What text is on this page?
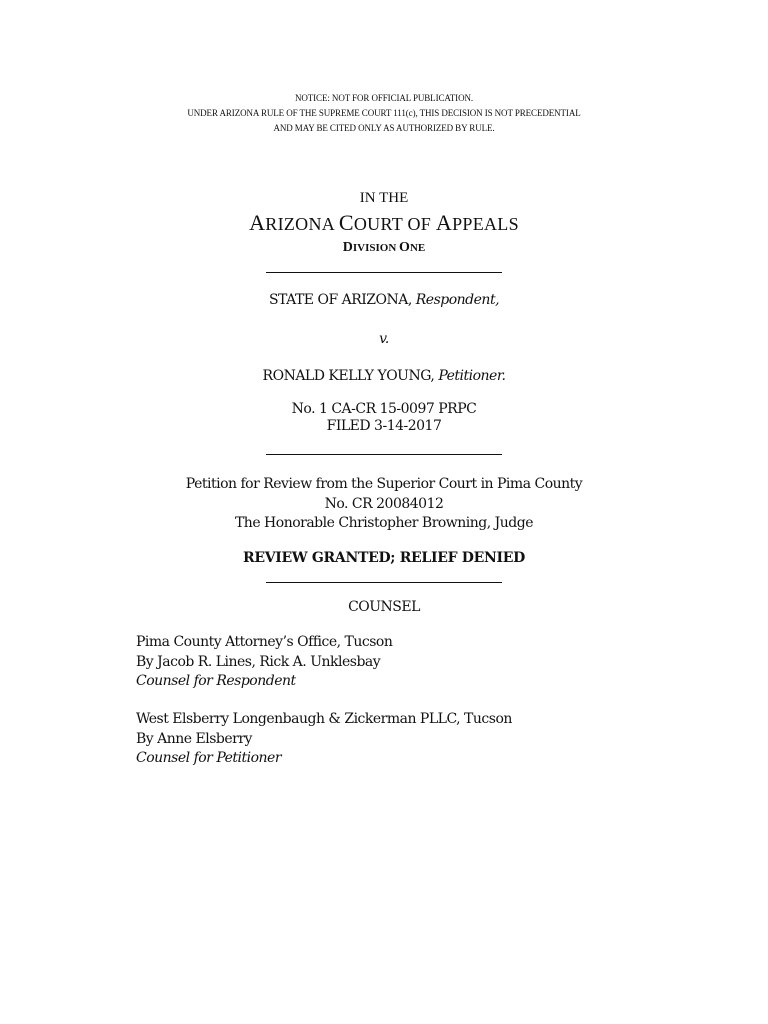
NOTICE: NOT FOR OFFICIAL PUBLICATION.
UNDER ARIZONA RULE OF THE SUPREME COURT 111(c), THIS DECISION IS NOT PRECEDENTIAL
AND MAY BE CITED ONLY AS AUTHORIZED BY RULE.
IN THE
ARIZONA COURT OF APPEALS
DIVISION ONE
STATE OF ARIZONA, Respondent,
v.
RONALD KELLY YOUNG, Petitioner.
No. 1 CA-CR 15-0097 PRPC
FILED 3-14-2017
Petition for Review from the Superior Court in Pima County
No. CR 20084012
The Honorable Christopher Browning, Judge
REVIEW GRANTED; RELIEF DENIED
COUNSEL
Pima County Attorney’s Office, Tucson
By Jacob R. Lines, Rick A. Unklesbay
Counsel for Respondent
West Elsberry Longenbaugh & Zickerman PLLC, Tucson
By Anne Elsberry
Counsel for Petitioner
